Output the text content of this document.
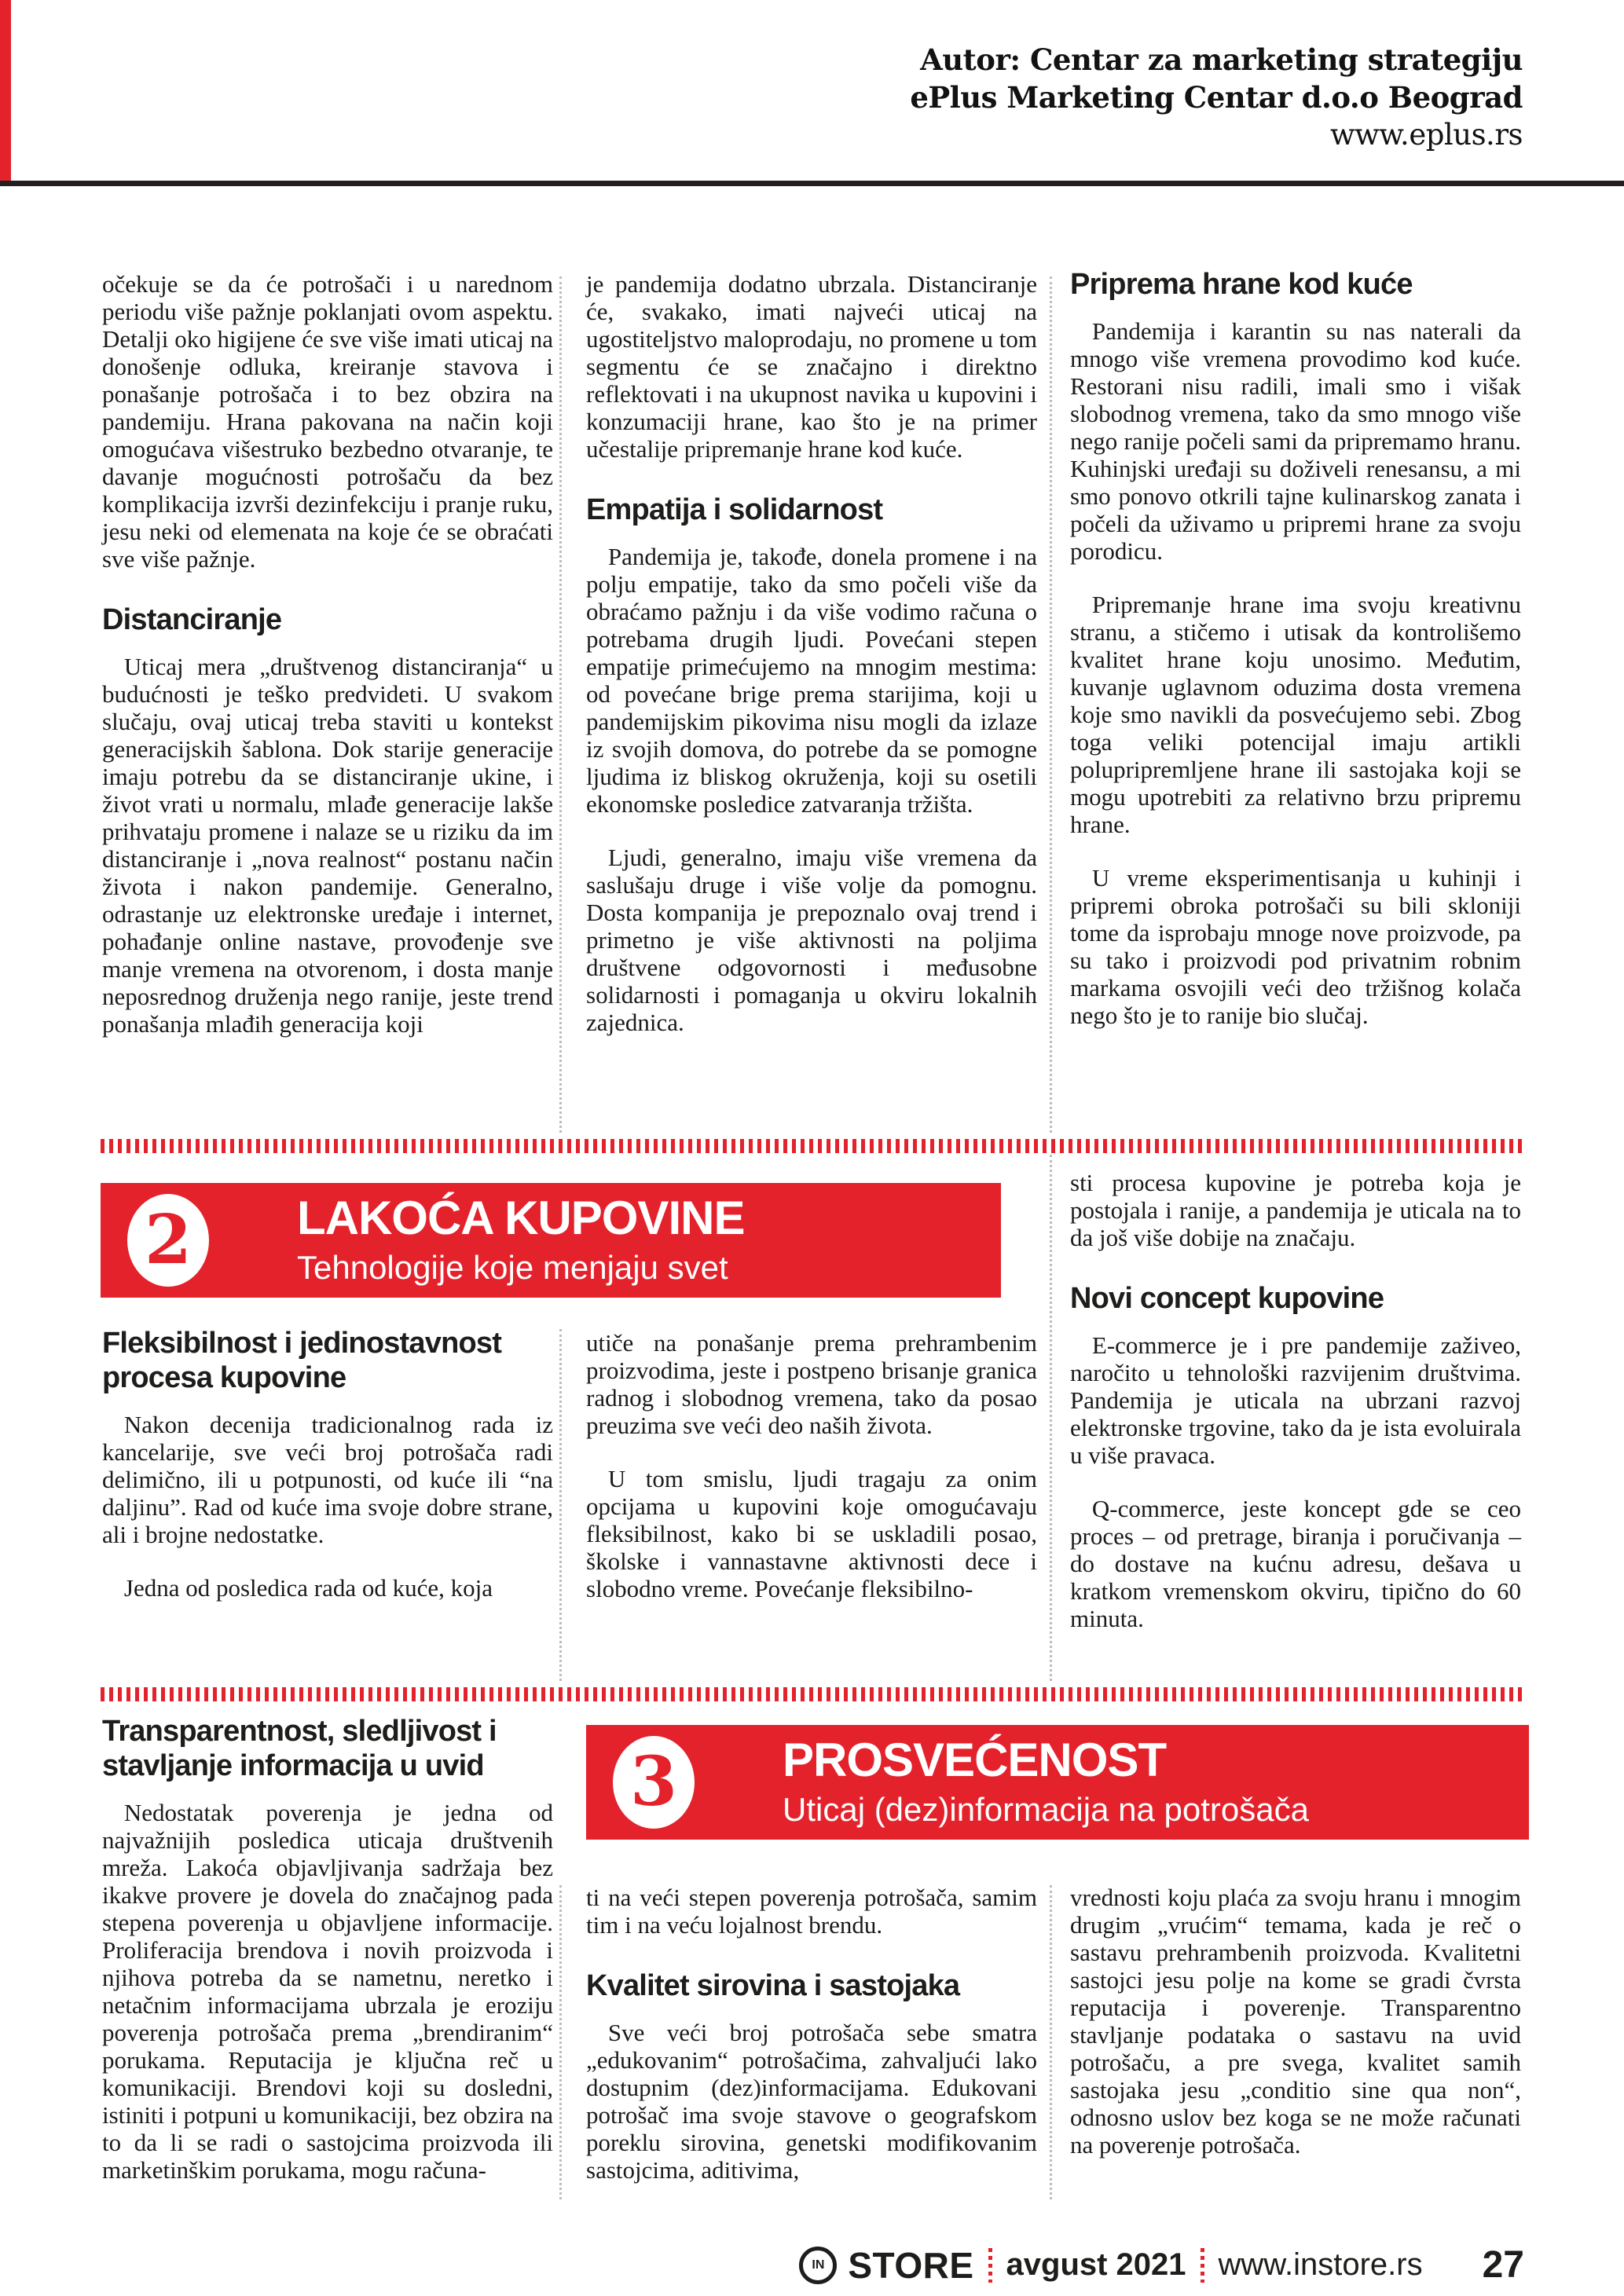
Autor: Centar za marketing strategiju
ePlus Marketing Centar d.o.o Beograd
www.eplus.rs

očekuje se da će potrošači i u narednom periodu više pažnje poklanjati ovom aspektu. Detalji oko higijene će sve više imati uticaj na donošenje odluka, kreiranje stavova i ponašanje potrošača i to bez obzira na pandemiju. Hrana pakovana na način koji omogućava višestruko bezbedno otvaranje, te davanje mogućnosti potrošaču da bez komplikacija izvrši dezinfekciju i pranje ruku, jesu neki od elemenata na koje će se obraćati sve više pažnje.

Distanciranje

Uticaj mera „društvenog distanciranja“ u budućnosti je teško predvideti. U svakom slučaju, ovaj uticaj treba staviti u kontekst generacijskih šablona. Dok starije generacije imaju potrebu da se distanciranje ukine, i život vrati u normalu, mlađe generacije lakše prihvataju promene i nalaze se u riziku da im distanciranje i „nova realnost“ postanu način života i nakon pandemije. Generalno, odrastanje uz elektronske uređaje i internet, pohađanje online nastave, provođenje sve manje vremena na otvorenom, i dosta manje neposrednog druženja nego ranije, jeste trend ponašanja mlađih generacija koji

je pandemija dodatno ubrzala. Distanciranje će, svakako, imati najveći uticaj na ugostiteljstvo maloprodaju, no promene u tom segmentu će se značajno i direktno reflektovati i na ukupnost navika u kupovini i konzumaciji hrane, kao što je na primer učestalije pripremanje hrane kod kuće.

Empatija i solidarnost

Pandemija je, takođe, donela promene i na polju empatije, tako da smo počeli više da obraćamo pažnju i da više vodimo računa o potrebama drugih ljudi. Povećani stepen empatije primećujemo na mnogim mestima: od povećane brige prema starijima, koji u pandemijskim pikovima nisu mogli da izlaze iz svojih domova, do potrebe da se pomogne ljudima iz bliskog okruženja, koji su osetili ekonomske posledice zatvaranja tržišta.

Ljudi, generalno, imaju više vremena da saslušaju druge i više volje da pomognu. Dosta kompanija je prepoznalo ovaj trend i primetno je više aktivnosti na poljima društvene odgovornosti i međusobne solidarnosti i pomaganja u okviru lokalnih zajednica.

Priprema hrane kod kuće

Pandemija i karantin su nas naterali da mnogo više vremena provodimo kod kuće. Restorani nisu radili, imali smo i višak slobodnog vremena, tako da smo mnogo više nego ranije počeli sami da pripremamo hranu. Kuhinjski uređaji su doživeli renesansu, a mi smo ponovo otkrili tajne kulinarskog zanata i počeli da uživamo u pripremi hrane za svoju porodicu.

Pripremanje hrane ima svoju kreativnu stranu, a stičemo i utisak da kontrolišemo kvalitet hrane koju unosimo. Međutim, kuvanje uglavnom oduzima dosta vremena koje smo navikli da posvećujemo sebi. Zbog toga veliki potencijal imaju artikli polupripremljene hrane ili sastojaka koji se mogu upotrebiti za relativno brzu pripremu hrane.

U vreme eksperimentisanja u kuhinji i pripremi obroka potrošači su bili skloniji tome da isprobaju mnoge nove proizvode, pa su tako i proizvodi pod privatnim robnim markama osvojili veći deo tržišnog kolača nego što je to ranije bio slučaj.

2 LAKOĆA KUPOVINE
Tehnologije koje menjaju svet
Fleksibilnost i jedinostavnost
procesa kupovine

Nakon decenija tradicionalnog rada iz kancelarije, sve veći broj potrošača radi delimično, ili u potpunosti, od kuće ili “na daljinu”. Rad od kuće ima svoje dobre strane, ali i brojne nedostatke.

Jedna od posledica rada od kuće, koja

utiče na ponašanje prema prehrambenim proizvodima, jeste i postpeno brisanje granica radnog i slobodnog vremena, tako da posao preuzima sve veći deo naših života.

U tom smislu, ljudi tragaju za onim opcijama u kupovini koje omogućavaju fleksibilnost, kako bi se uskladili posao, školske i vannastavne aktivnosti dece i slobodno vreme. Povećanje fleksibilno-

sti procesa kupovine je potreba koja je postojala i ranije, a pandemija je uticala na to da još više dobije na značaju.

Novi concept kupovine

E-commerce je i pre pandemije zaživeo, naročito u tehnološki razvijenim društvima. Pandemija je uticala na ubrzani razvoj elektronske trgovine, tako da je ista evoluirala u više pravaca.

Q-commerce, jeste koncept gde se ceo proces – od pretrage, biranja i poručivanja – do dostave na kućnu adresu, dešava u kratkom vremenskom okviru, tipično do 60 minuta.

3 PROSVEĆENOST
Uticaj (dez)informacija na potrošača
Transparentnost, sledljivost i
stavljanje informacija u uvid

Nedostatak poverenja je jedna od najvažnijih posledica uticaja društvenih mreža. Lakoća objavljivanja sadržaja bez ikakve provere je dovela do značajnog pada stepena poverenja u objavljene informacije. Proliferacija brendova i novih proizvoda i njihova potreba da se nametnu, neretko i netačnim informacijama ubrzala je eroziju poverenja potrošača prema „brendiranim“ porukama. Reputacija je ključna reč u komunikaciji. Brendovi koji su dosledni, istiniti i potpuni u komunikaciji, bez obzira na to da li se radi o sastojcima proizvoda ili marketinškim porukama, mogu računa-

ti na veći stepen poverenja potrošača, samim tim i na veću lojalnost brendu.

Kvalitet sirovina i sastojaka

Sve veći broj potrošača sebe smatra „edukovanim“ potrošačima, zahvaljući lako dostupnim (dez)informacijama. Edukovani potrošač ima svoje stavove o geografskom poreklu sirovina, genetski modifikovanim sastojcima, aditivima,

vrednosti koju plaća za svoju hranu i mnogim drugim „vrućim“ temama, kada je reč o sastavu prehrambenih proizvoda. Kvalitetni sastojci jesu polje na kome se gradi čvrsta reputacija i poverenje. Transparentno stavljanje podataka o sastavu na uvid potrošaču, a pre svega, kvalitet samih sastojaka jesu „conditio sine qua non“, odnosno uslov bez koga se ne može računati na poverenje potrošača.

IN STORE avgust 2021 www.instore.rs 27
